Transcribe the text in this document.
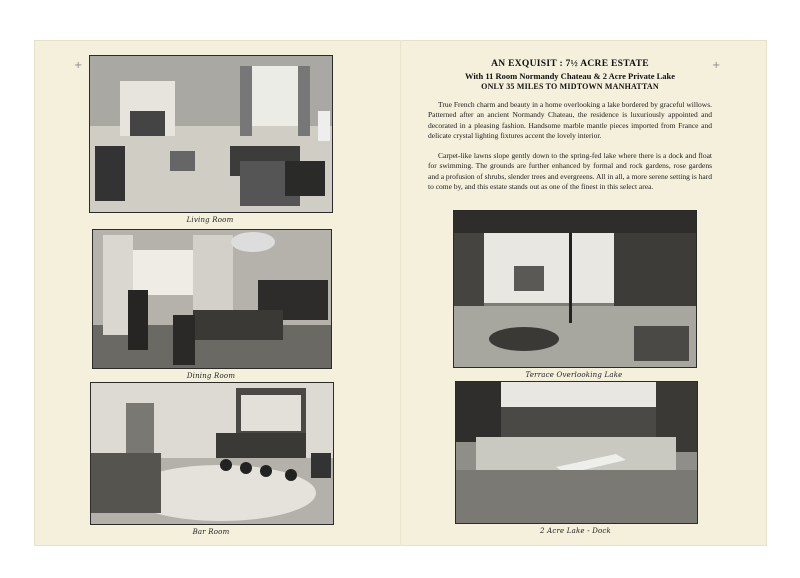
+	+
Living Room
Dining Room
Bar Room
AN EXQUISIT : 7½ ACRE ESTATE
With 11 Room Normandy Chateau & 2 Acre Private Lake
ONLY 35 MILES TO MIDTOWN MANHATTAN

True French charm and beauty in a home overlooking a lake bordered by graceful willows. Patterned after an ancient Normandy Chateau, the residence is luxuriously appointed and decorated in a pleasing fashion. Handsome marble mantle pieces imported from France and delicate crystal lighting fixtures accent the lovely interior.

Carpet-like lawns slope gently down to the spring-fed lake where there is a dock and float for swimming. The grounds are further enhanced by formal and rock gardens, rose gardens and a profusion of shrubs, slender trees and evergreens. All in all, a more serene setting is hard to come by, and this estate stands out as one of the finest in this select area.

Terrace Overlooking Lake
2 Acre Lake - Dock
